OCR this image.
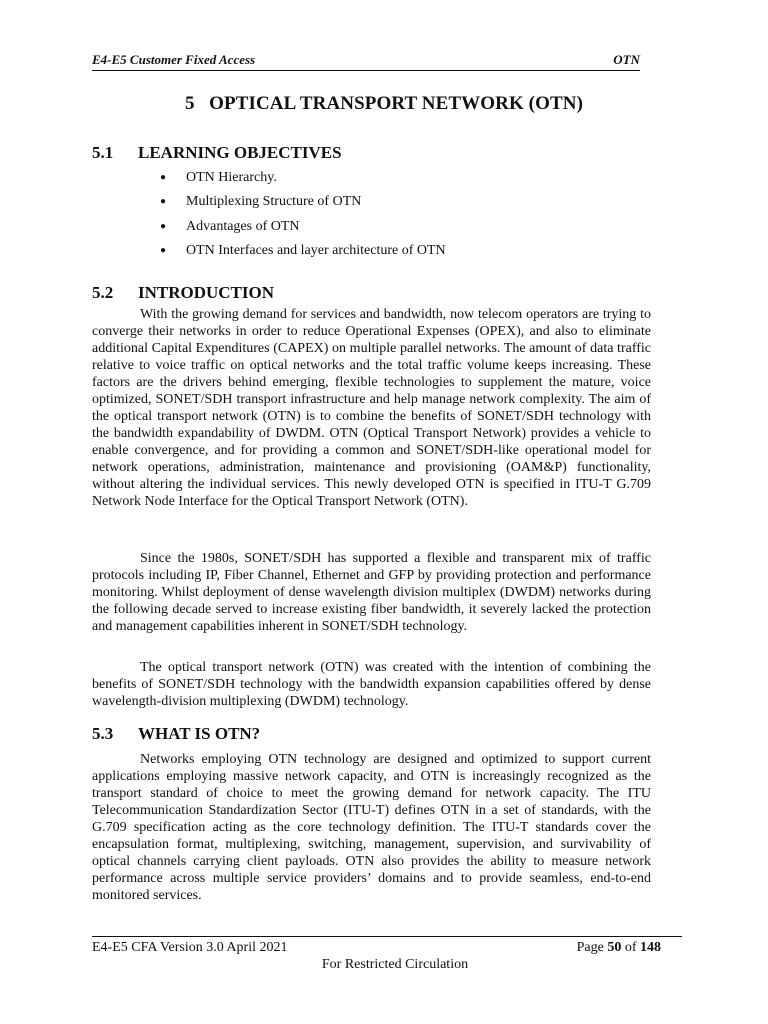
E4-E5 Customer Fixed Access	OTN
5   OPTICAL TRANSPORT NETWORK (OTN)
5.1 LEARNING OBJECTIVES
● OTN Hierarchy.
● Multiplexing Structure of OTN
● Advantages of OTN
● OTN Interfaces and layer architecture of OTN
5.2 INTRODUCTION

With the growing demand for services and bandwidth, now telecom operators are trying to converge their networks in order to reduce Operational Expenses (OPEX), and also to eliminate additional Capital Expenditures (CAPEX) on multiple parallel networks. The amount of data traffic relative to voice traffic on optical networks and the total traffic volume keeps increasing. These factors are the drivers behind emerging, flexible technologies to supplement the mature, voice optimized, SONET/SDH transport infrastructure and help manage network complexity. The aim of the optical transport network (OTN) is to combine the benefits of SONET/SDH technology with the bandwidth expandability of DWDM. OTN (Optical Transport Network) provides a vehicle to enable convergence, and for providing a common and SONET/SDH-like operational model for network operations, administration, maintenance and provisioning (OAM&P) functionality, without altering the individual services. This newly developed OTN is specified in ITU-T G.709 Network Node Interface for the Optical Transport Network (OTN).

Since the 1980s, SONET/SDH has supported a flexible and transparent mix of traffic protocols including IP, Fiber Channel, Ethernet and GFP by providing protection and performance monitoring. Whilst deployment of dense wavelength division multiplex (DWDM) networks during the following decade served to increase existing fiber bandwidth, it severely lacked the protection and management capabilities inherent in SONET/SDH technology.

The optical transport network (OTN) was created with the intention of combining the benefits of SONET/SDH technology with the bandwidth expansion capabilities offered by dense wavelength-division multiplexing (DWDM) technology.

5.3 WHAT IS OTN?

Networks employing OTN technology are designed and optimized to support current applications employing massive network capacity, and OTN is increasingly recognized as the transport standard of choice to meet the growing demand for network capacity. The ITU Telecommunication Standardization Sector (ITU-T) defines OTN in a set of standards, with the G.709 specification acting as the core technology definition. The ITU-T standards cover the encapsulation format, multiplexing, switching, management, supervision, and survivability of optical channels carrying client payloads. OTN also provides the ability to measure network performance across multiple service providers’ domains and to provide seamless, end-to-end monitored services.

E4-E5 CFA Version 3.0 April 2021	Page 50 of 148
For Restricted Circulation
